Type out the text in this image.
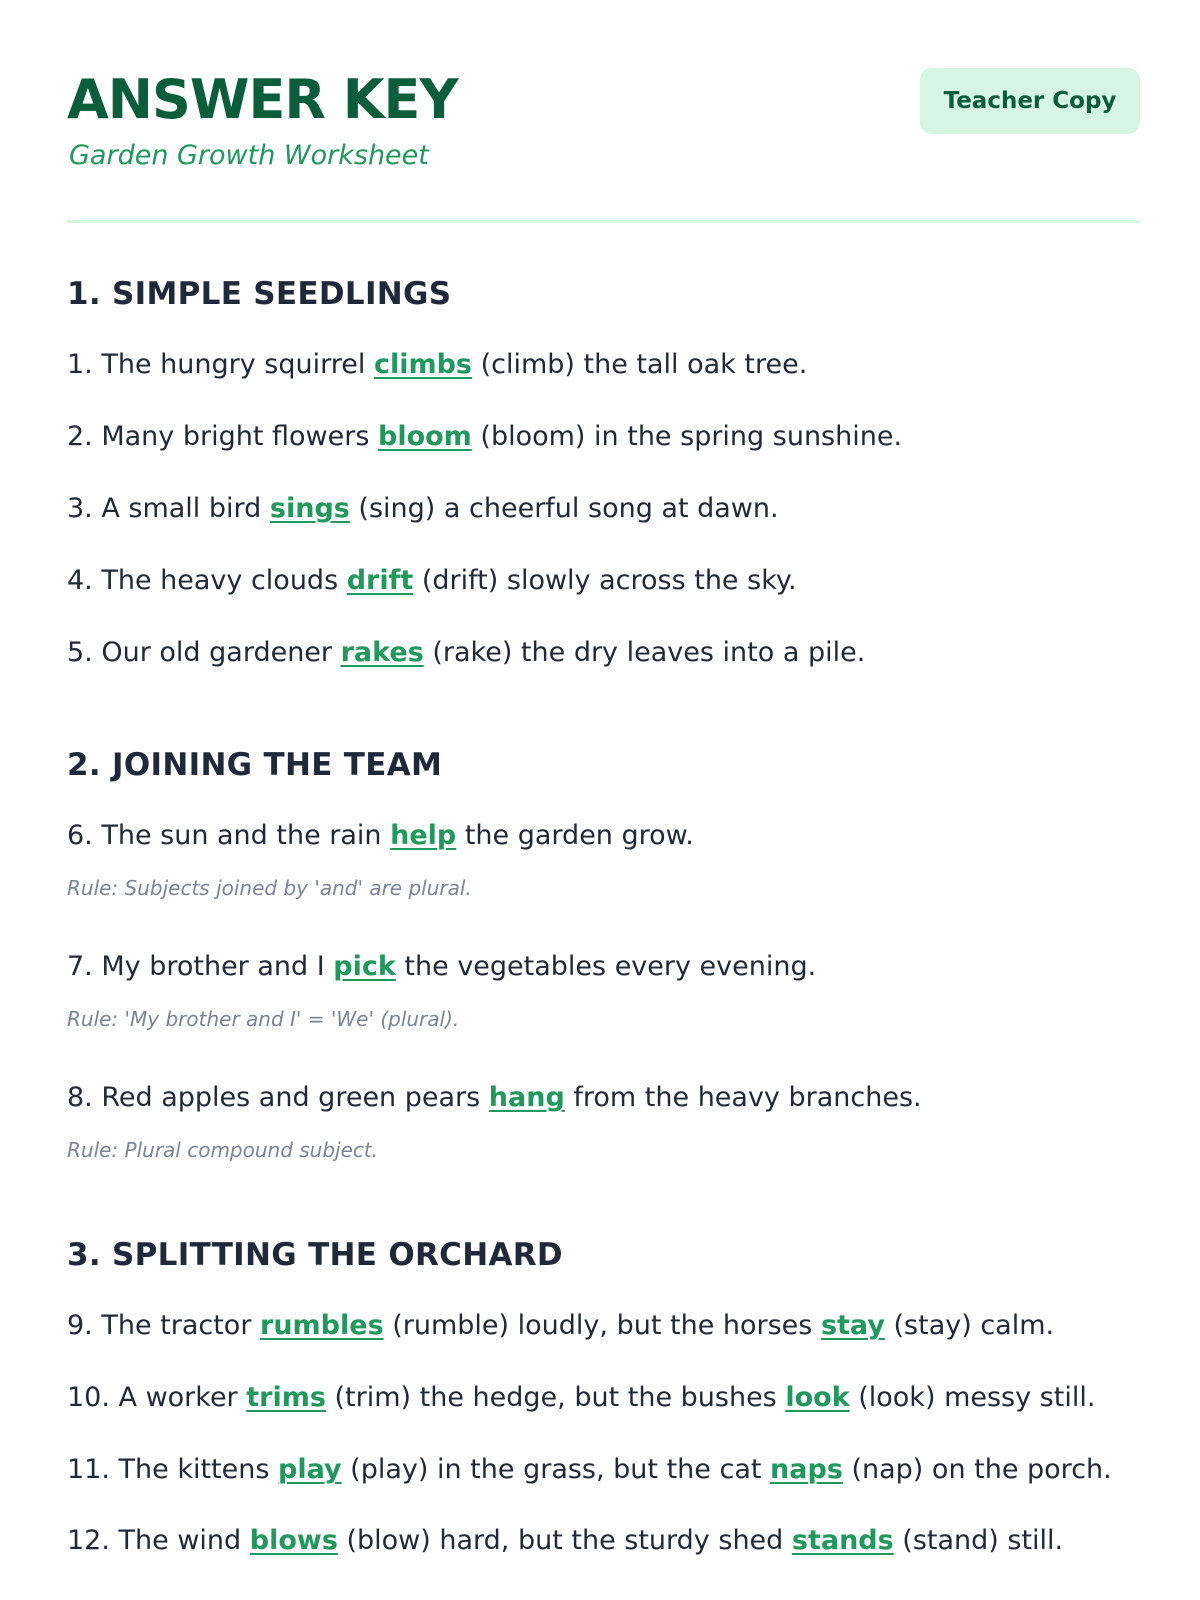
ANSWER KEY

Garden Growth Worksheet

Teacher Copy
1. SIMPLE SEEDLINGS

1. The hungry squirrel climbs (climb) the tall oak tree.

2. Many bright flowers bloom (bloom) in the spring sunshine.

3. A small bird sings (sing) a cheerful song at dawn.

4. The heavy clouds drift (drift) slowly across the sky.

5. Our old gardener rakes (rake) the dry leaves into a pile.

2. JOINING THE TEAM

6. The sun and the rain help the garden grow.

Rule: Subjects joined by 'and' are plural.

7. My brother and I pick the vegetables every evening.

Rule: 'My brother and I' = 'We' (plural).

8. Red apples and green pears hang from the heavy branches.

Rule: Plural compound subject.

3. SPLITTING THE ORCHARD

9. The tractor rumbles (rumble) loudly, but the horses stay (stay) calm.

10. A worker trims (trim) the hedge, but the bushes look (look) messy still.

11. The kittens play (play) in the grass, but the cat naps (nap) on the porch.

12. The wind blows (blow) hard, but the sturdy shed stands (stand) still.
